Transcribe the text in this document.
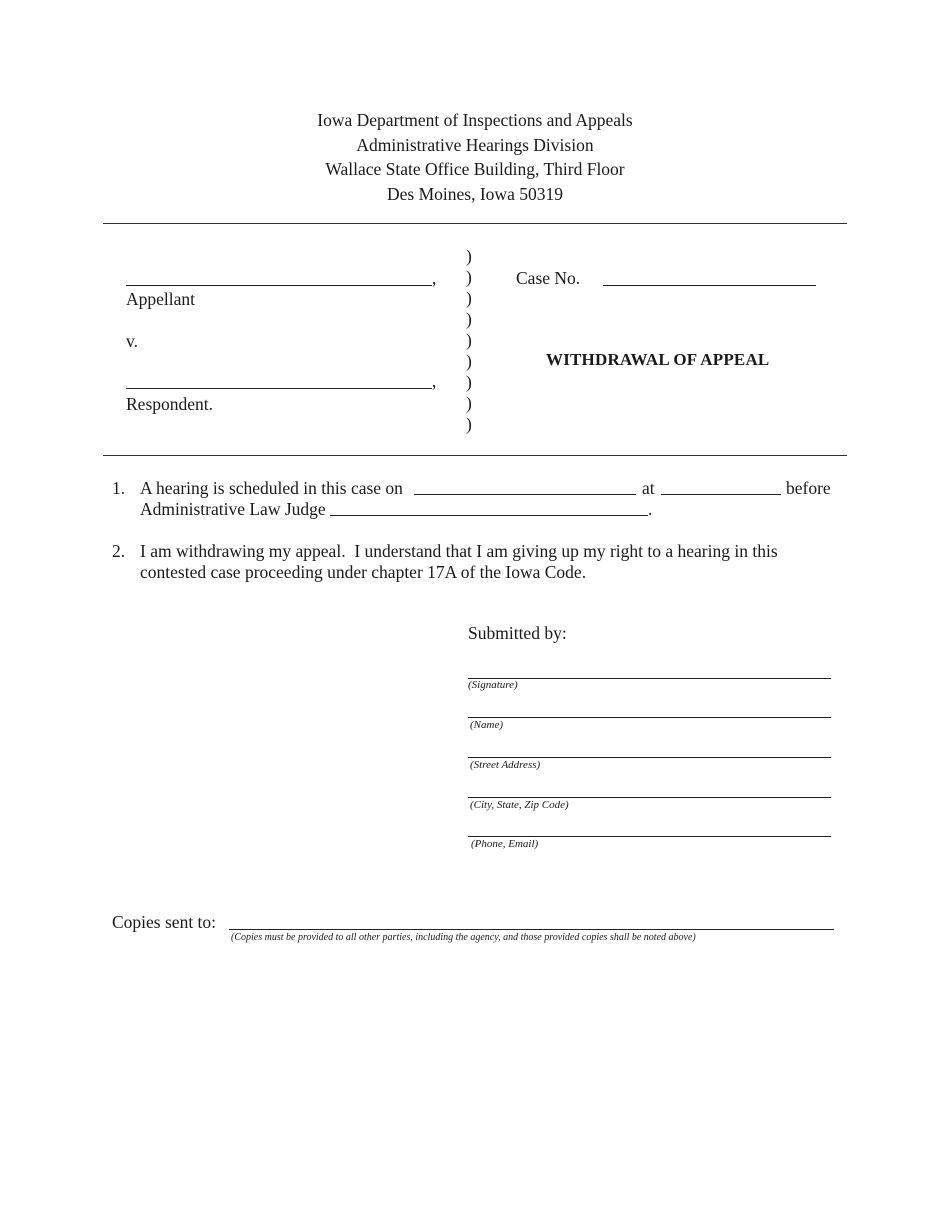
Iowa Department of Inspections and Appeals
Administrative Hearings Division
Wallace State Office Building, Third Floor
Des Moines, Iowa 50319
,
Appellant
v.
,
Respondent.
)
)
)
)
)
)
)
)
)
Case No.
WITHDRAWAL OF APPEAL
1. A hearing is scheduled in this case on	at	before
Administrative Law Judge	.
2. I am withdrawing my appeal.  I understand that I am giving up my right to a hearing in this
contested case proceeding under chapter 17A of the Iowa Code.
Submitted by:
(Signature)
(Name)
(Street Address)
(City, State, Zip Code)
(Phone, Email)
Copies sent to:
(Copies must be provided to all other parties, including the agency, and those provided copies shall be noted above)
